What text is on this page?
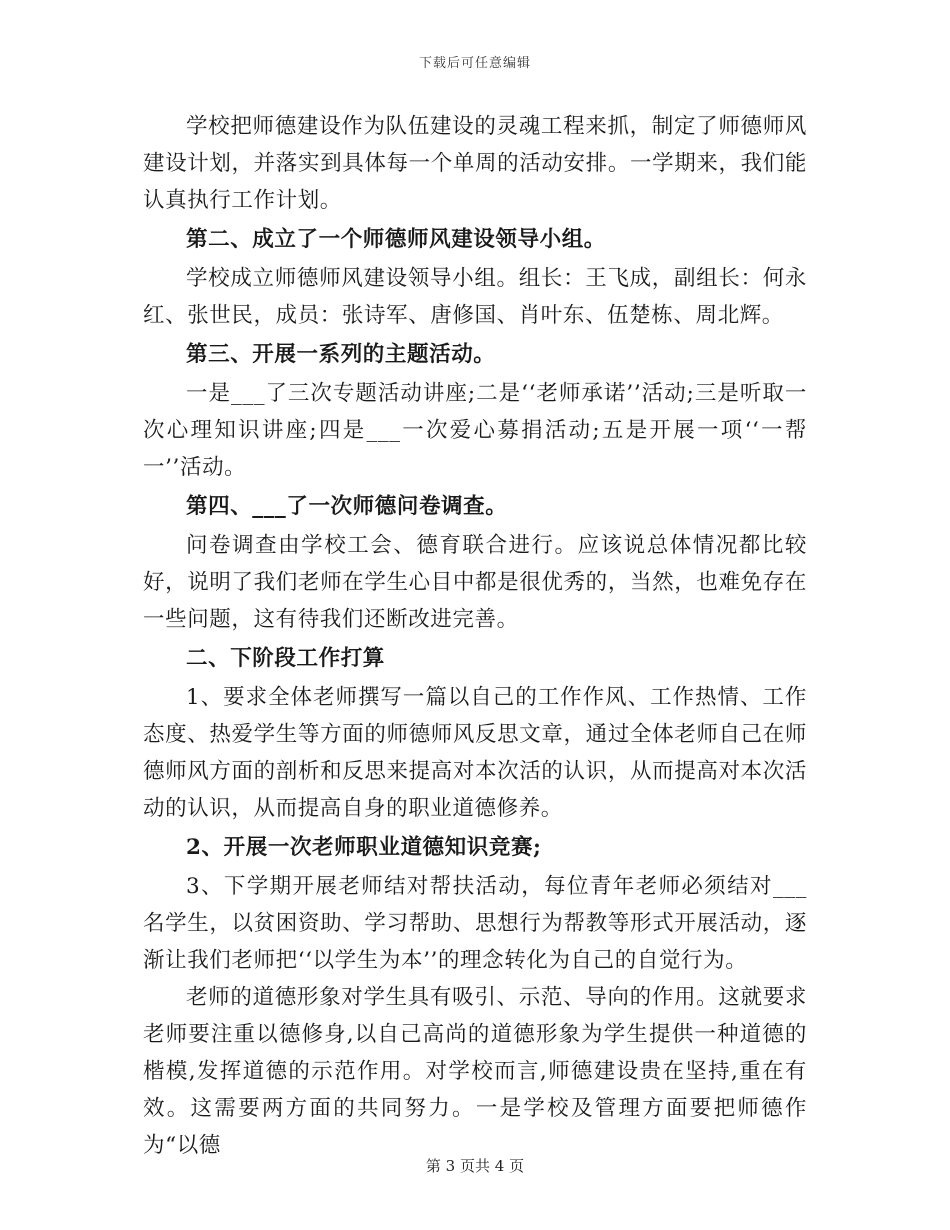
下载后可任意编辑

学校把师德建设作为队伍建设的灵魂工程来抓，制定了师德师风建设计划，并落实到具体每一个单周的活动安排。一学期来，我们能认真执行工作计划。

第二、成立了一个师德师风建设领导小组。

学校成立师德师风建设领导小组。组长：王飞成，副组长：何永红、张世民，成员：张诗军、唐修国、肖叶东、伍楚栋、周北辉。

第三、开展一系列的主题活动。

一是___了三次专题活动讲座;二是‘‘老师承诺’’活动;三是听取一次心理知识讲座;四是___一次爱心募捐活动;五是开展一项‘‘一帮一’’活动。

第四、___了一次师德问卷调查。

问卷调查由学校工会、德育联合进行。应该说总体情况都比较好，说明了我们老师在学生心目中都是很优秀的，当然，也难免存在一些问题，这有待我们还断改进完善。

二、下阶段工作打算

1、要求全体老师撰写一篇以自己的工作作风、工作热情、工作态度、热爱学生等方面的师德师风反思文章，通过全体老师自己在师德师风方面的剖析和反思来提高对本次活的认识，从而提高对本次活动的认识，从而提高自身的职业道德修养。

2、开展一次老师职业道德知识竞赛;

3、下学期开展老师结对帮扶活动，每位青年老师必须结对___名学生，以贫困资助、学习帮助、思想行为帮教等形式开展活动，逐渐让我们老师把‘‘以学生为本’’的理念转化为自己的自觉行为。

老师的道德形象对学生具有吸引、示范、导向的作用。这就要求老师要注重以德修身,以自己高尚的道德形象为学生提供一种道德的楷模,发挥道德的示范作用。对学校而言,师德建设贵在坚持,重在有效。这需要两方面的共同努力。一是学校及管理方面要把师德作为“以德

第 3 页共 4 页
